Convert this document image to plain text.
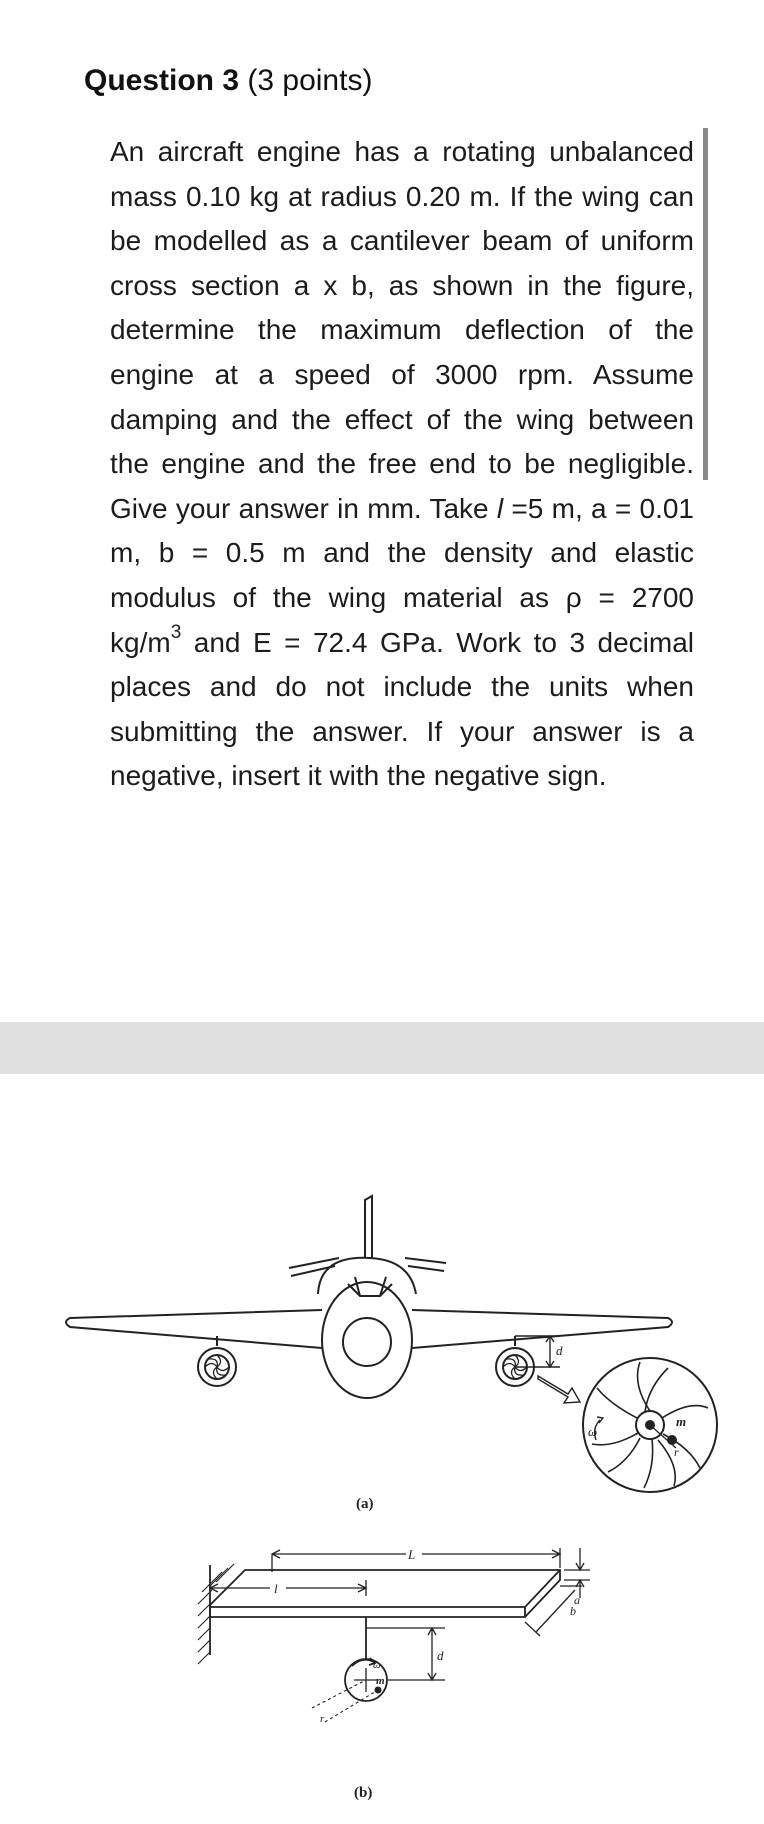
Question 3 (3 points)
An aircraft engine has a rotating unbalanced mass 0.10 kg at radius 0.20 m. If the wing can be modelled as a cantilever beam of uniform cross section a x b, as shown in the figure, determine the maximum deflection of the engine at a speed of 3000 rpm. Assume damping and the effect of the wing between the engine and the free end to be negligible. Give your answer in mm. Take l =5 m, a = 0.01 m, b = 0.5 m and the density and elastic modulus of the wing material as ρ = 2700 $kg/m^3$ and E = 72.4 GPa. Work to 3 decimal places and do not include the units when submitting the answer. If your answer is a negative, insert it with the negative sign.
d
ω
m
r
(a)
L
l
a
b
ω
m
r
d
(b)
